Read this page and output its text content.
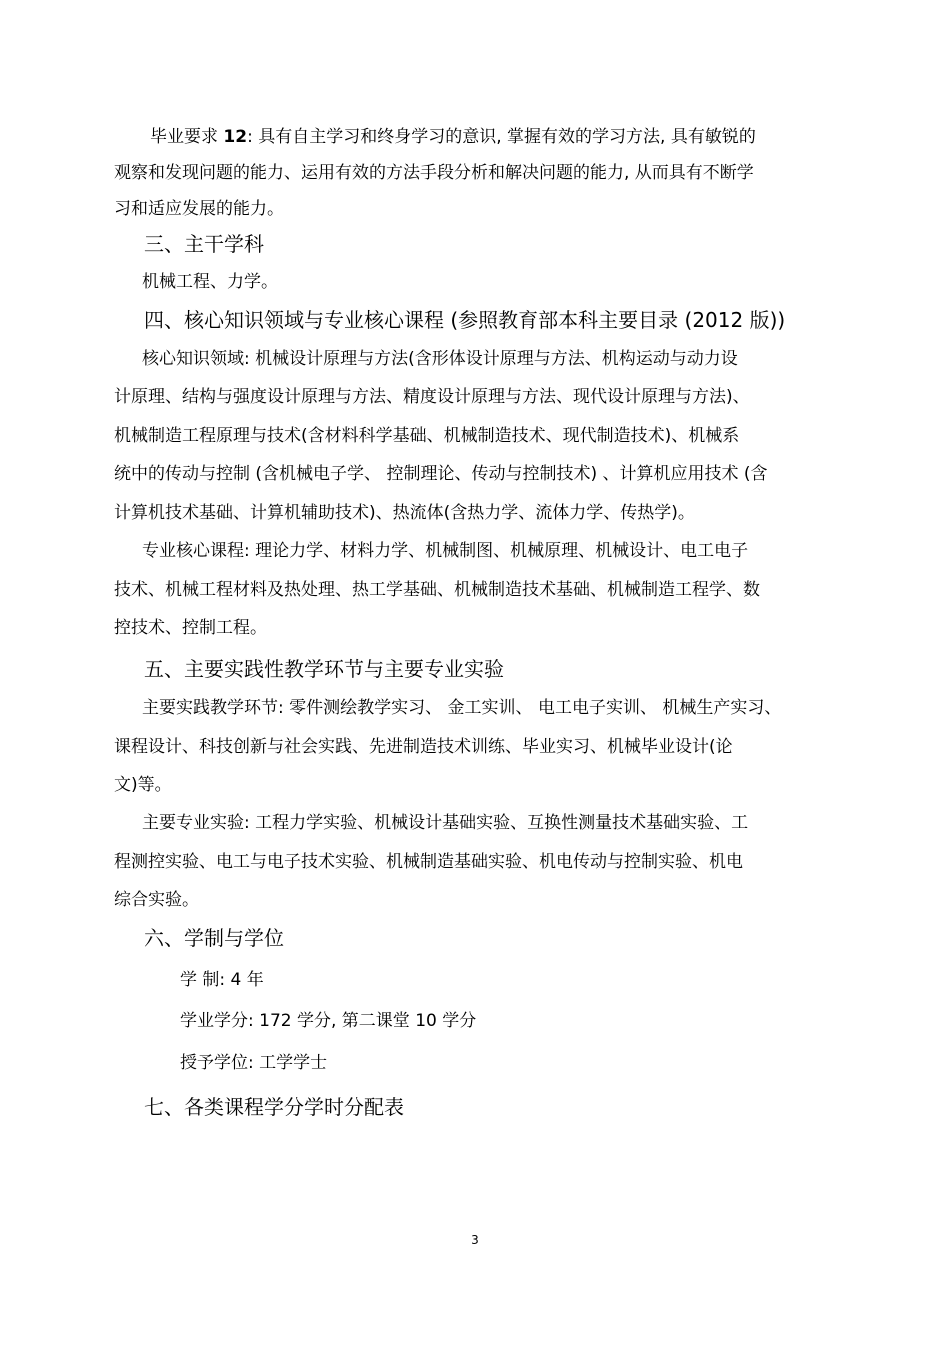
毕业要求 12: 具有自主学习和终身学习的意识, 掌握有效的学习方法, 具有敏锐的
观察和发现问题的能力、运用有效的方法手段分析和解决问题的能力, 从而具有不断学
习和适应发展的能力。
三、主干学科
机械工程、力学。
四、核心知识领域与专业核心课程 (参照教育部本科主要目录 (2012 版))
核心知识领域: 机械设计原理与方法(含形体设计原理与方法、机构运动与动力设
计原理、结构与强度设计原理与方法、精度设计原理与方法、现代设计原理与方法)、
机械制造工程原理与技术(含材料科学基础、机械制造技术、现代制造技术)、机械系
统中的传动与控制 (含机械电子学、 控制理论、传动与控制技术) 、计算机应用技术 (含
计算机技术基础、计算机辅助技术)、热流体(含热力学、流体力学、传热学)。
专业核心课程: 理论力学、材料力学、机械制图、机械原理、机械设计、电工电子
技术、机械工程材料及热处理、热工学基础、机械制造技术基础、机械制造工程学、数
控技术、控制工程。
五、主要实践性教学环节与主要专业实验
主要实践教学环节: 零件测绘教学实习、 金工实训、 电工电子实训、 机械生产实习、
课程设计、科技创新与社会实践、先进制造技术训练、毕业实习、机械毕业设计(论
文)等。
主要专业实验: 工程力学实验、机械设计基础实验、互换性测量技术基础实验、工
程测控实验、电工与电子技术实验、机械制造基础实验、机电传动与控制实验、机电
综合实验。
六、学制与学位
学 制: 4 年
学业学分: 172 学分, 第二课堂 10 学分
授予学位: 工学学士
七、各类课程学分学时分配表
3
